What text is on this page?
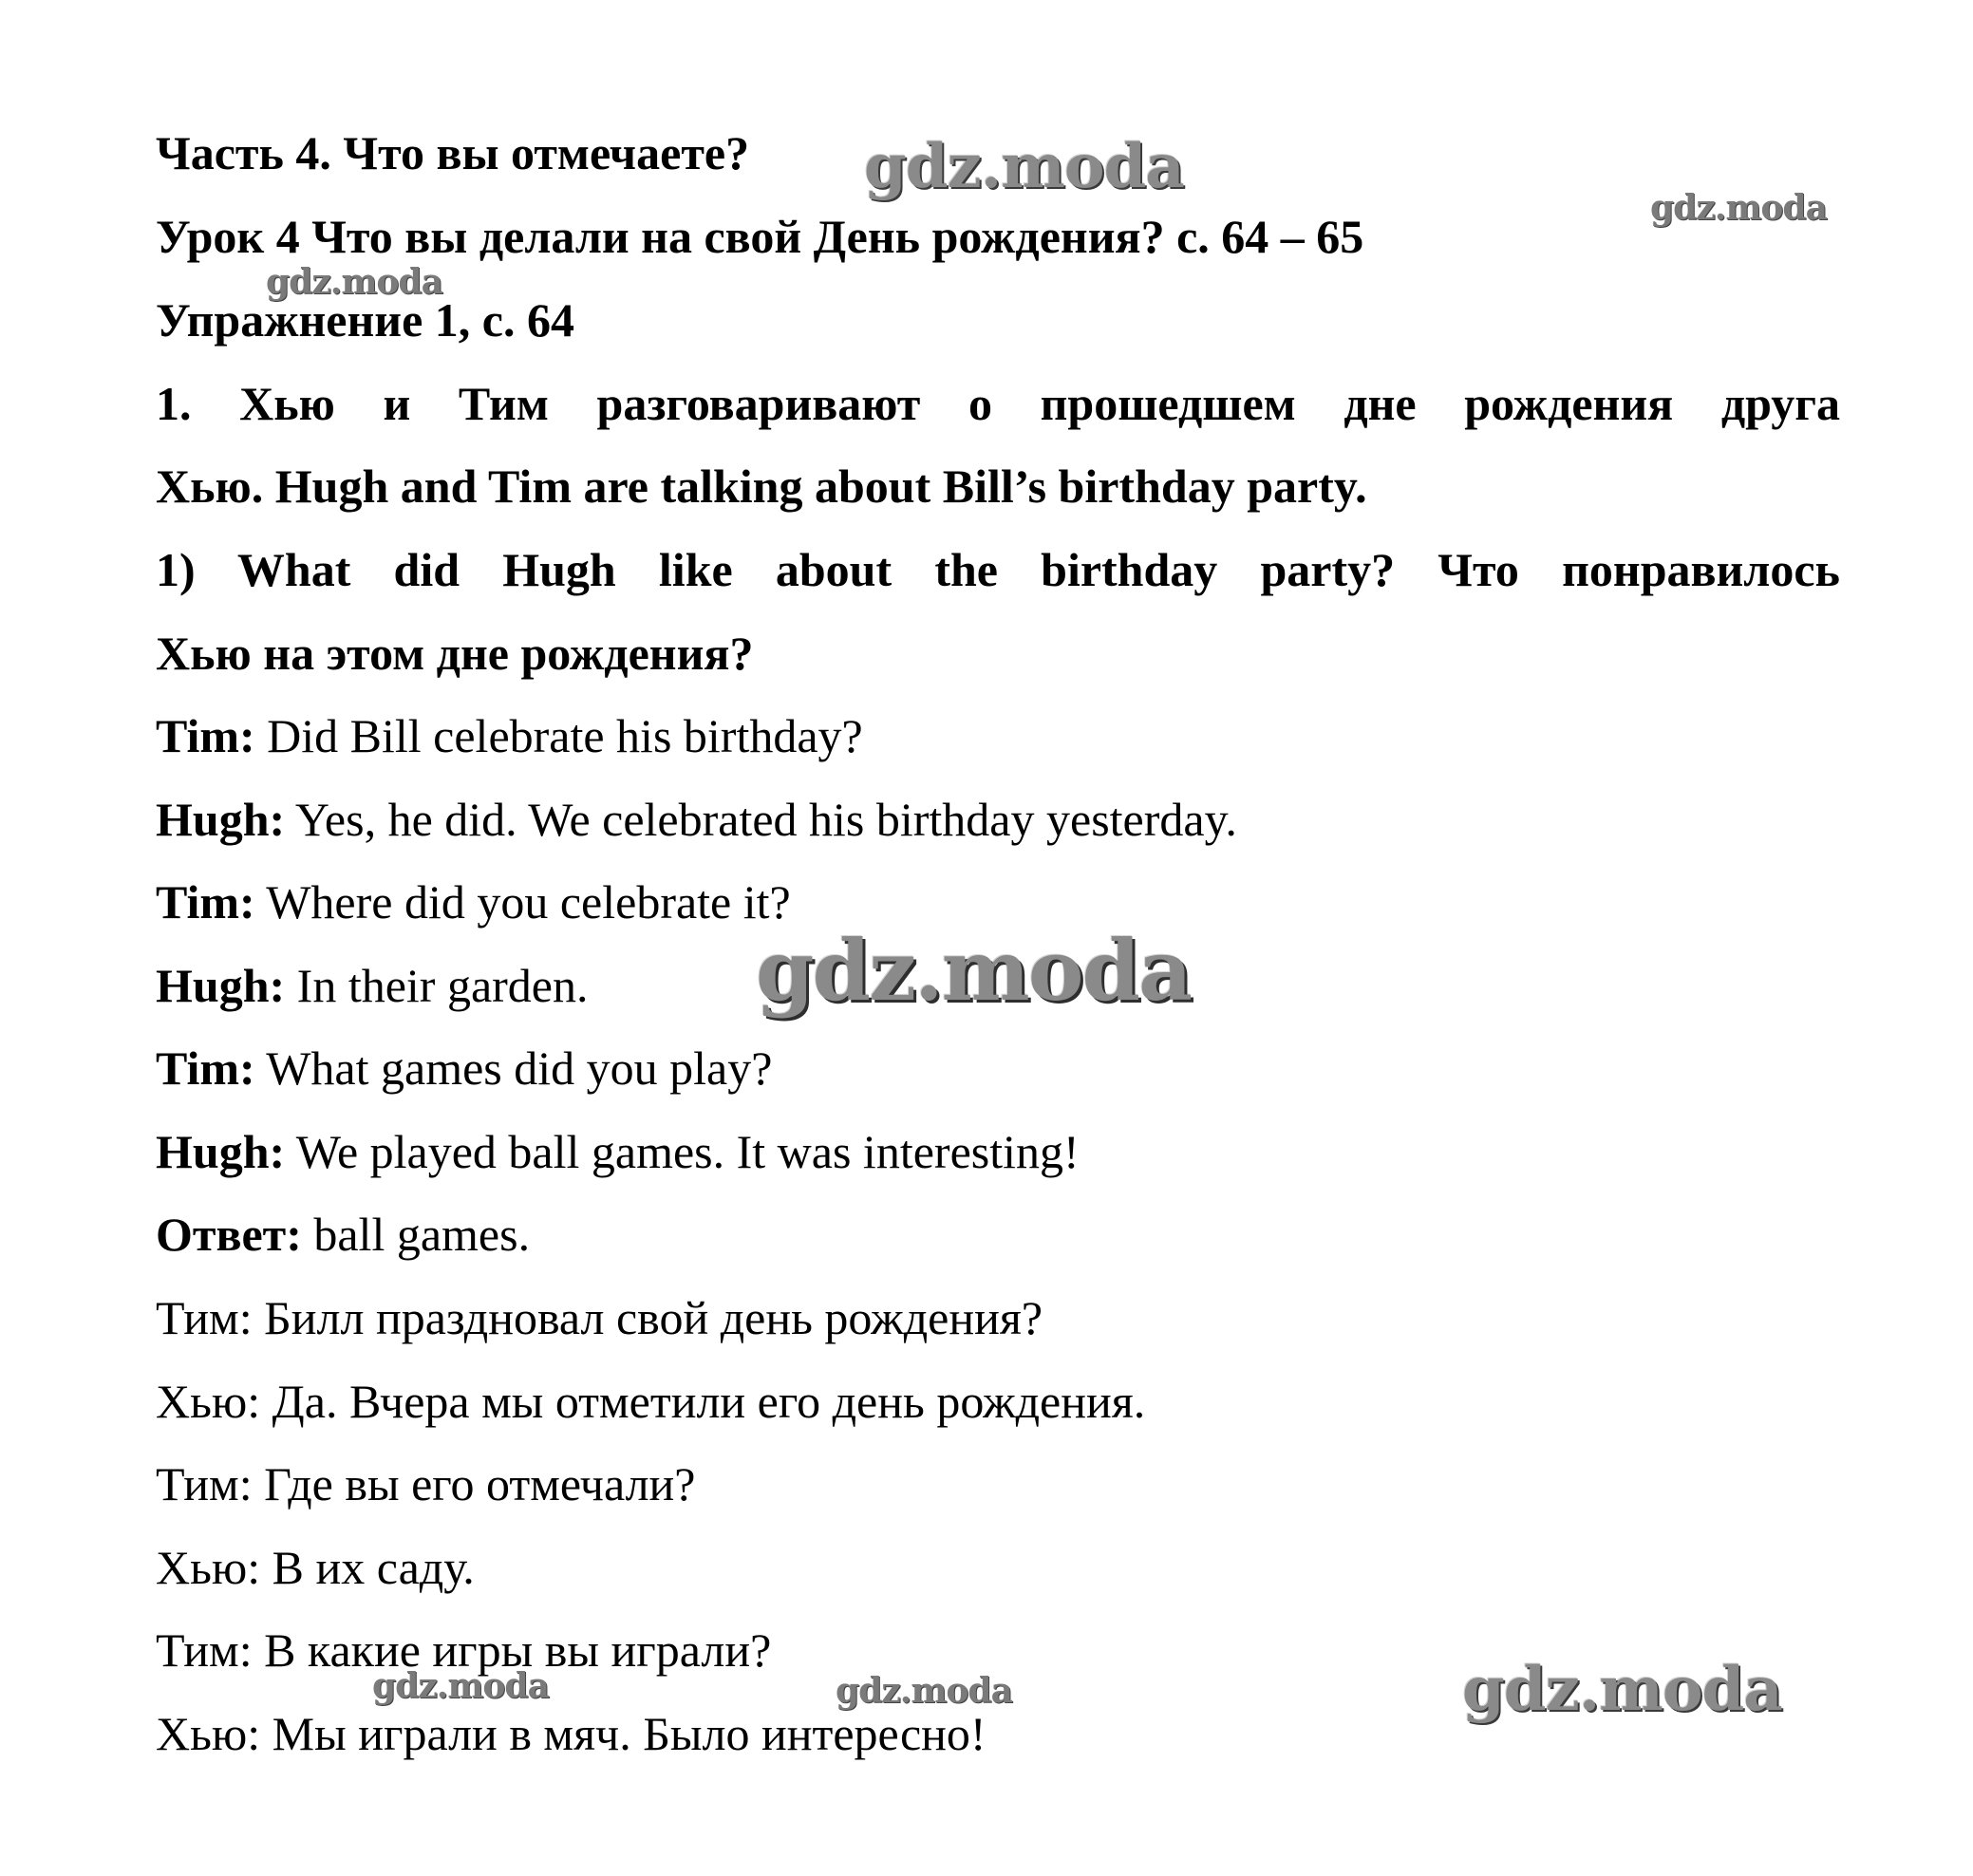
Часть 4. Что вы отмечаете?
Урок 4 Что вы делали на свой День рождения? с. 64 – 65
Упражнение 1, с. 64
1. Хью и Тим разговаривают о прошедшем дне рождения друга
Хью. Hugh and Tim are talking about Bill’s birthday party.
1) What did Hugh like about the birthday party? Что понравилось
Хью на этом дне рождения?
Tim: Did Bill celebrate his birthday?
Hugh: Yes, he did. We celebrated his birthday yesterday.
Tim: Where did you celebrate it?
Hugh: In their garden.
Tim: What games did you play?
Hugh: We played ball games. It was interesting!
Ответ: ball games.
Тим: Билл праздновал свой день рождения?
Хью: Да. Вчера мы отметили его день рождения.
Тим: Где вы его отмечали?
Хью: В их саду.
Тим: В какие игры вы играли?
Хью: Мы играли в мяч. Было интересно!
gdz.moda
gdz.moda
gdz.moda
gdz.moda
gdz.moda
gdz.moda	gdz.moda
